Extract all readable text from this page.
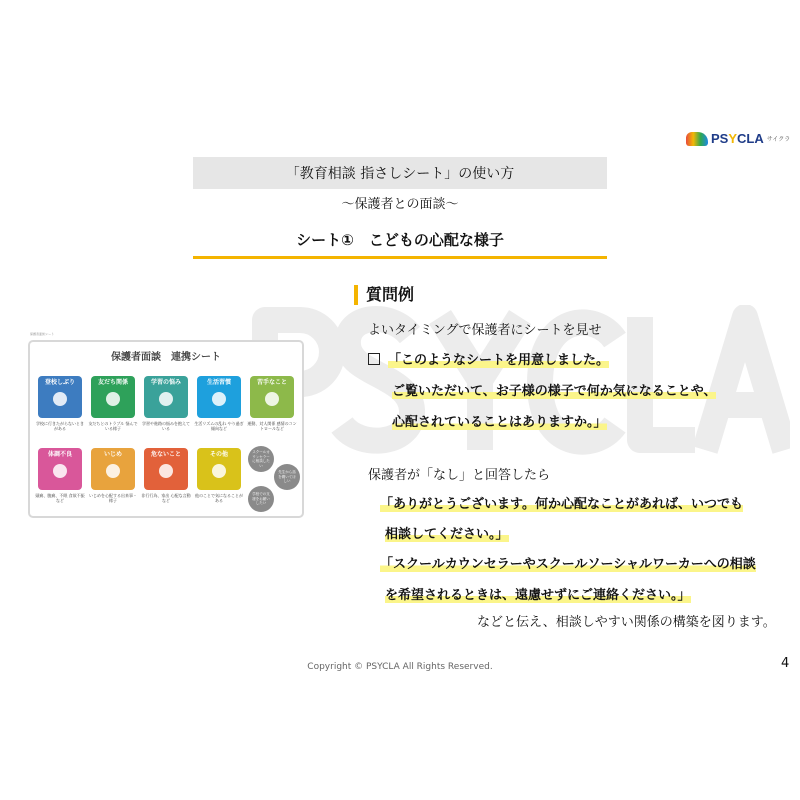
PSYCLA サイクラ
「教育相談 指さしシート」の使い方
～保護者との面談～
シート①　こどもの心配な様子
保護者面談シート
保護者面談　連携シート
登校しぶり
学校に行きたがらないときがある
友だち関係
友だちとのトラブル 悩んでいる様子
学習の悩み
学習や進路の悩みを抱えている
生活習慣
生活リズムの乱れ やり過ぎ傾向など
苦手なこと
運動、対人関係 感情のコントロールなど
体調不良
頭痛、腹痛、不眠 食欲不振など
いじめ
いじめを心配する出来事・様子
危ないこと
非行行為、家出 心配な言動など
その他
他のことで気になることがある
スクールカウンセラーに相談したい
先生から話を聞いてほしい
学校での支援をお願いしたい
質問例
よいタイミングで保護者にシートを見せ
「このようなシートを用意しました。
ご覧いただいて、お子様の様子で何か気になることや、
心配されていることはありますか。」
保護者が「なし」と回答したら
「ありがとうございます。何か心配なことがあれば、いつでも
相談してください。」
「スクールカウンセラーやスクールソーシャルワーカーへの相談
を希望されるときは、遠慮せずにご連絡ください。」
などと伝え、相談しやすい関係の構築を図ります。
Copyright © PSYCLA All Rights Reserved.	4
